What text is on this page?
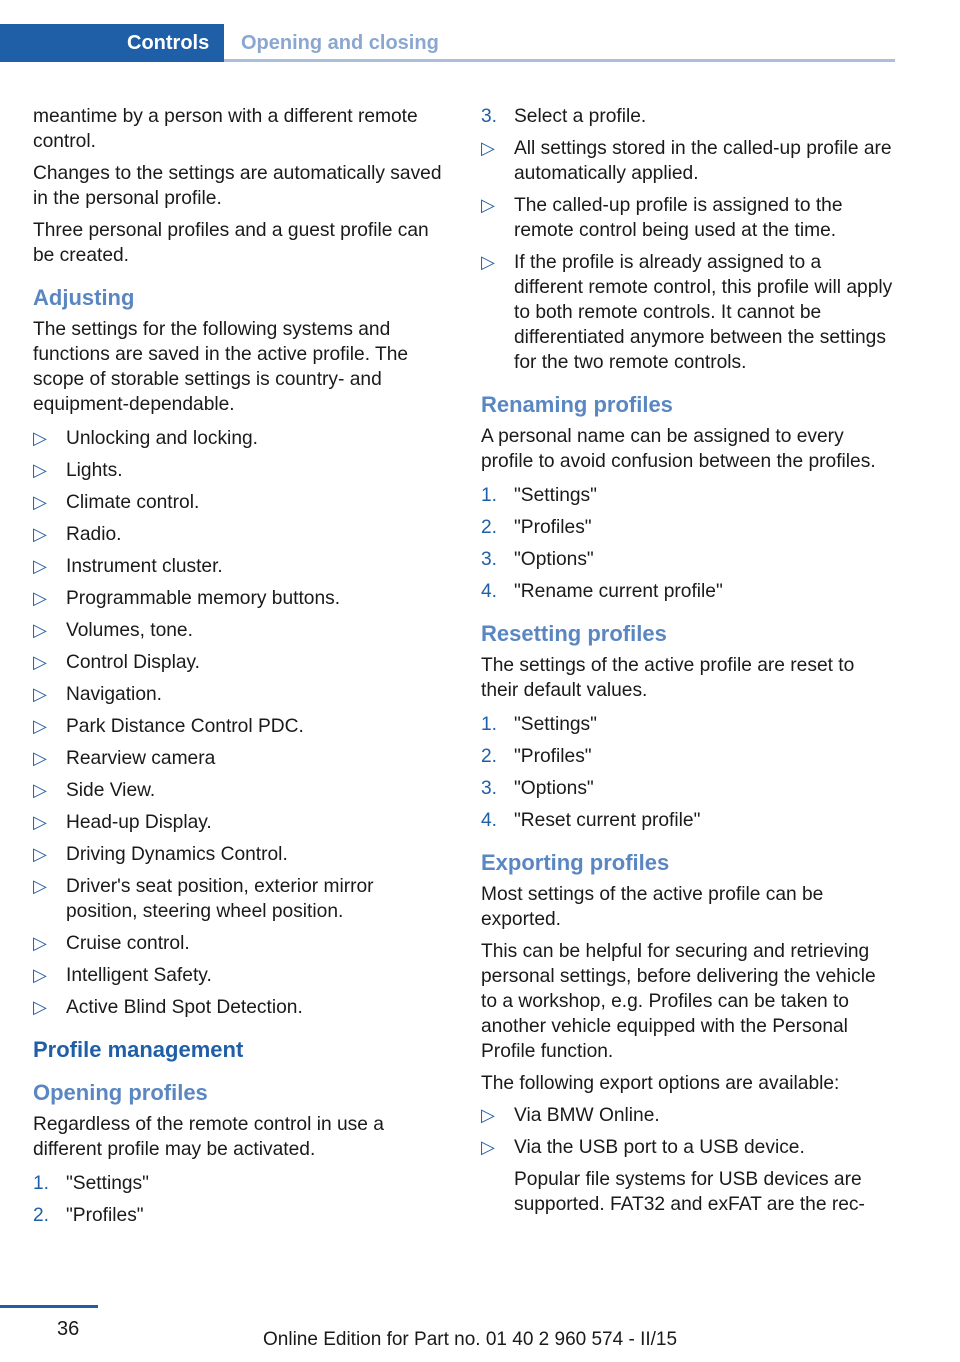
Controls Opening and closing

meantime by a person with a different remote control.

Changes to the settings are automatically saved in the personal profile.

Three personal profiles and a guest profile can be created.

Adjusting

The settings for the following systems and functions are saved in the active profile. The scope of storable settings is country- and equipment-dependable.

▷ Unlocking and locking.
▷ Lights.
▷ Climate control.
▷ Radio.
▷ Instrument cluster.
▷ Programmable memory buttons.
▷ Volumes, tone.
▷ Control Display.
▷ Navigation.
▷ Park Distance Control PDC.
▷ Rearview camera
▷ Side View.
▷ Head-up Display.
▷ Driving Dynamics Control.
▷ Driver's seat position, exterior mirror position, steering wheel position.
▷ Cruise control.
▷ Intelligent Safety.
▷ Active Blind Spot Detection.
Profile management
Opening profiles

Regardless of the remote control in use a different profile may be activated.

1. "Settings"
2. "Profiles"
3. Select a profile.
▷ All settings stored in the called-up profile are automatically applied.
▷ The called-up profile is assigned to the remote control being used at the time.
▷ If the profile is already assigned to a different remote control, this profile will apply to both remote controls. It cannot be differentiated anymore between the settings for the two remote controls.
Renaming profiles

A personal name can be assigned to every profile to avoid confusion between the profiles.

1. "Settings"
2. "Profiles"
3. "Options"
4. "Rename current profile"
Resetting profiles

The settings of the active profile are reset to their default values.

1. "Settings"
2. "Profiles"
3. "Options"
4. "Reset current profile"
Exporting profiles

Most settings of the active profile can be exported.

This can be helpful for securing and retrieving personal settings, before delivering the vehicle to a workshop, e.g. Profiles can be taken to another vehicle equipped with the Personal Profile function.

The following export options are available:

▷ Via BMW Online.
▷ Via the USB port to a USB device.

Popular file systems for USB devices are supported. FAT32 and exFAT are the rec-

36	Online Edition for Part no. 01 40 2 960 574 - II/15
